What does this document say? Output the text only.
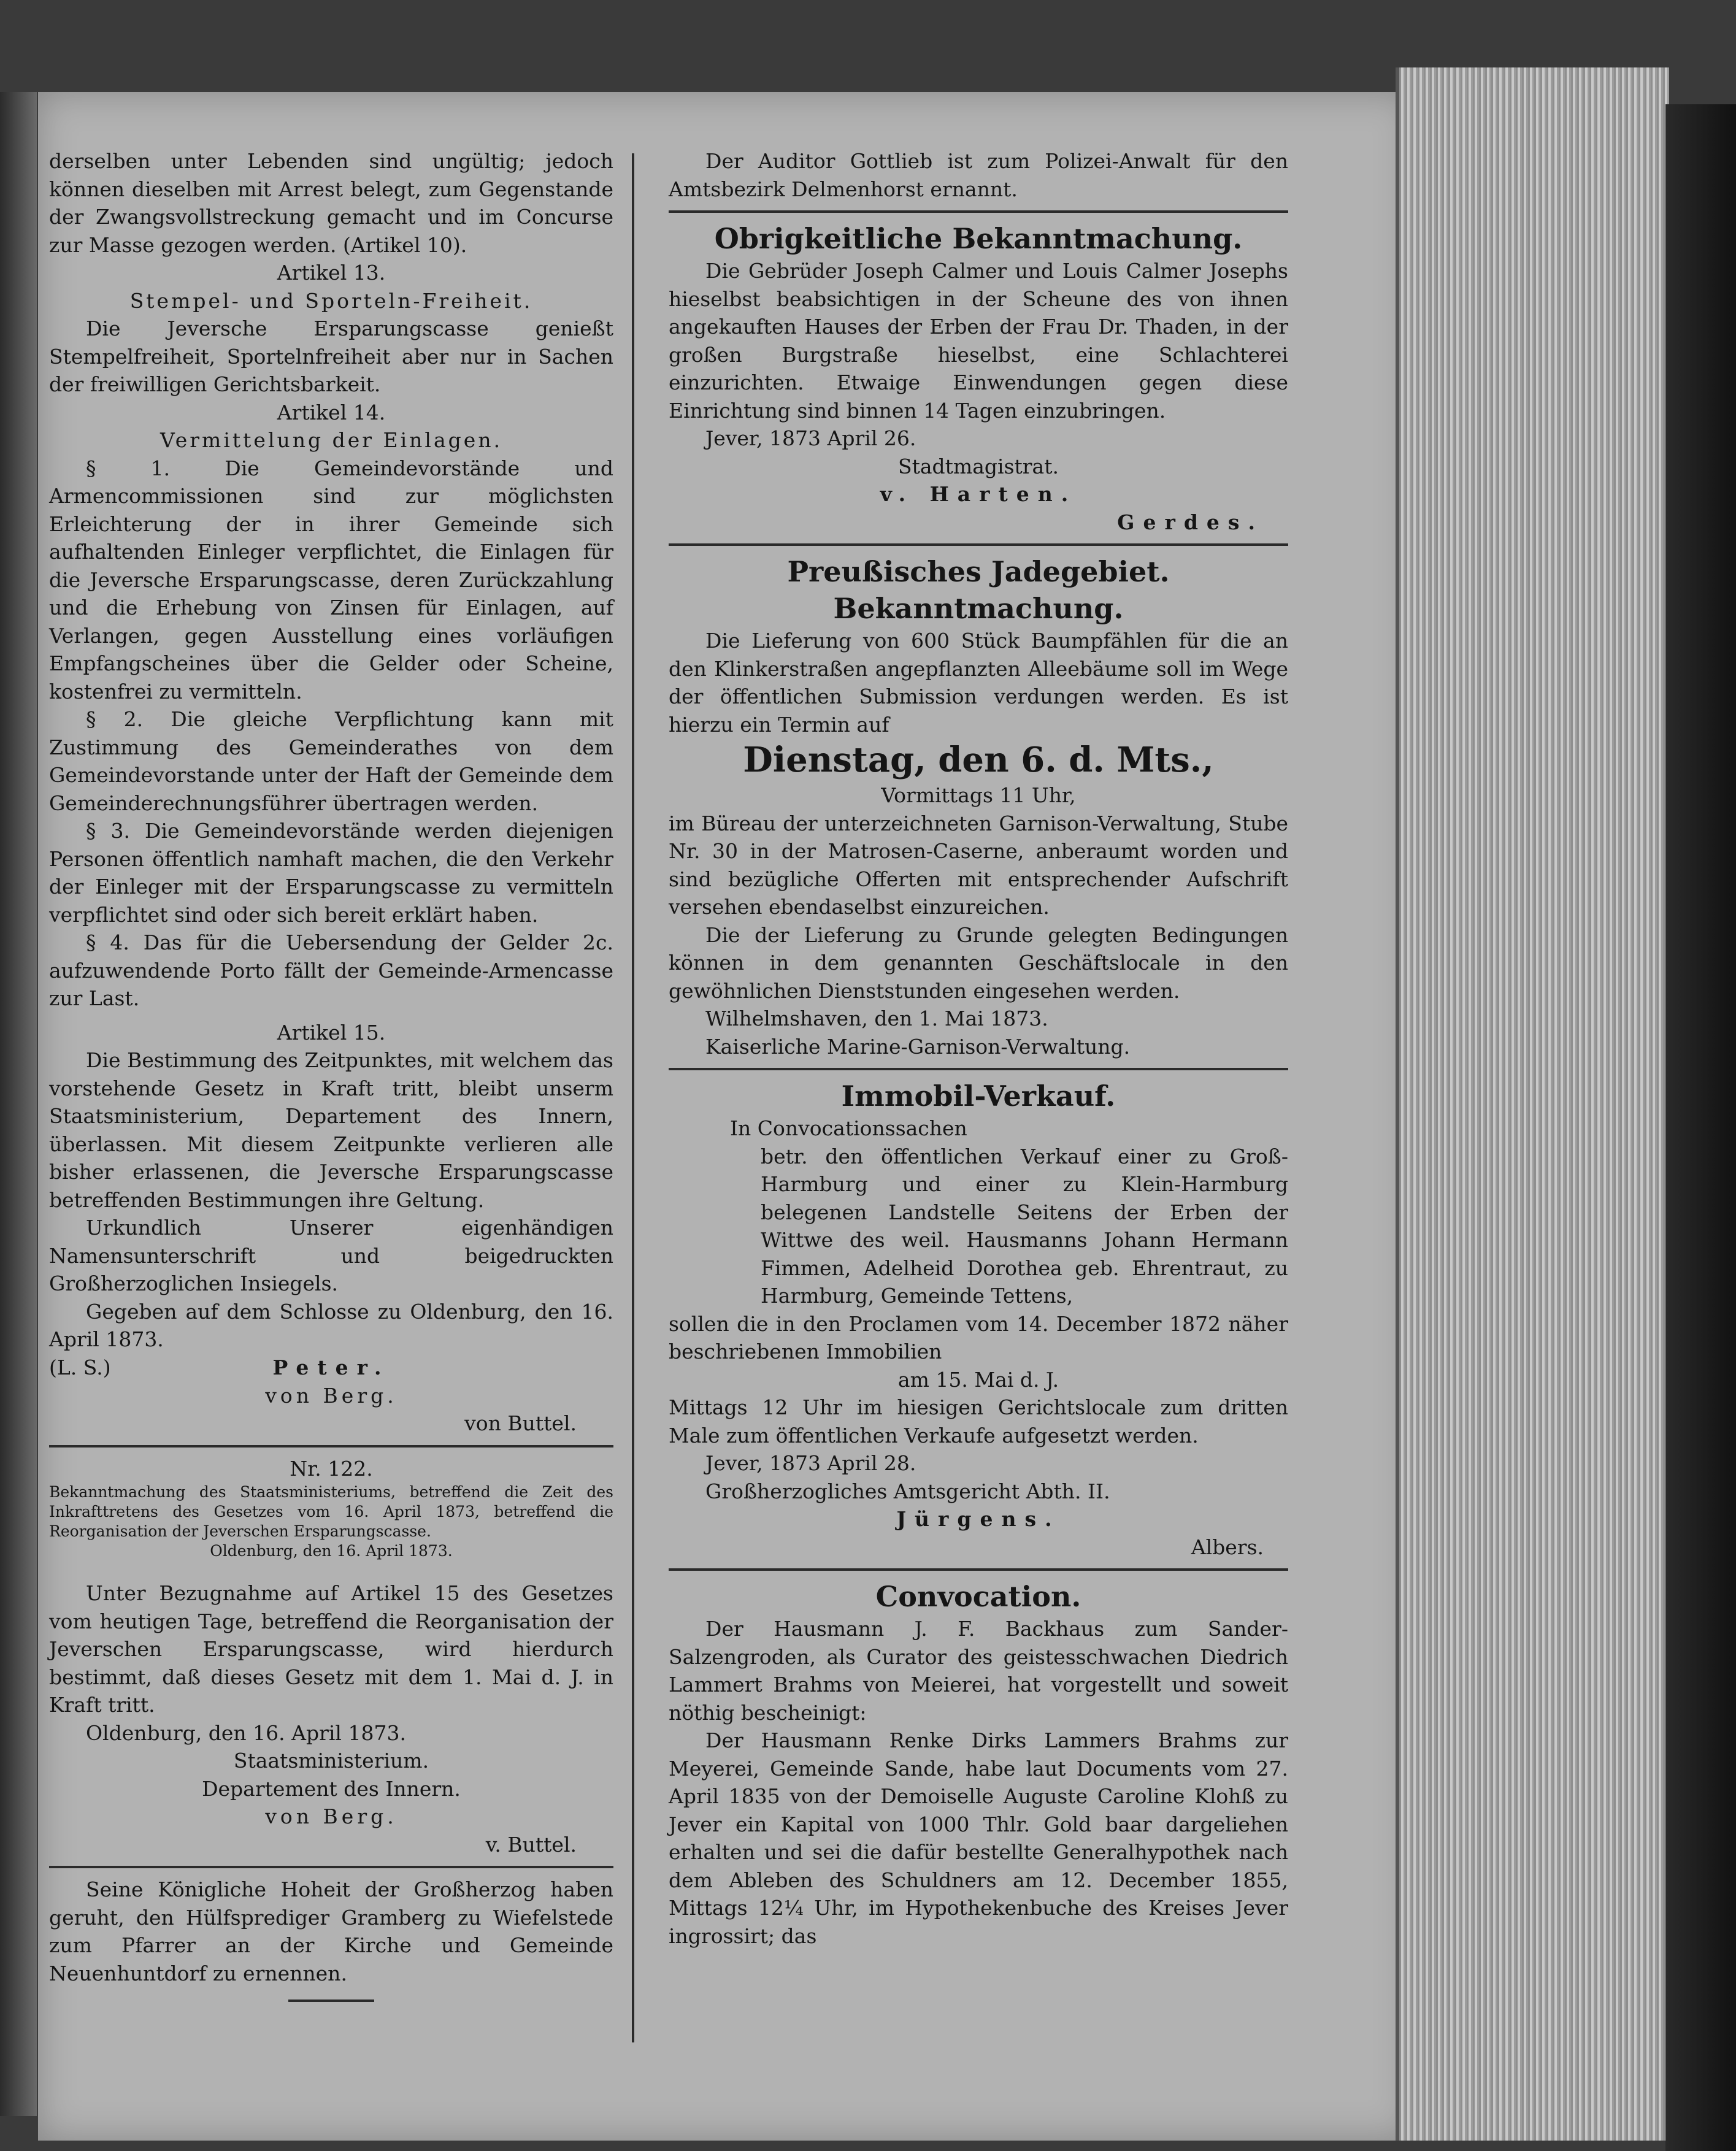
derselben unter Lebenden sind ungültig; jedoch können dieselben mit Arrest belegt, zum Gegenstande der Zwangsvollstreckung gemacht und im Concurse zur Masse gezogen werden. (Artikel 10).

Artikel 13.

Stempel- und Sporteln-Freiheit.

Die Jeversche Ersparungscasse genießt Stempelfreiheit, Sportelnfreiheit aber nur in Sachen der freiwilligen Gerichtsbarkeit.

Artikel 14.

Vermittelung der Einlagen.

§ 1. Die Gemeindevorstände und Armencommissionen sind zur möglichsten Erleichterung der in ihrer Gemeinde sich aufhaltenden Einleger verpflichtet, die Einlagen für die Jeversche Ersparungscasse, deren Zurückzahlung und die Erhebung von Zinsen für Einlagen, auf Verlangen, gegen Ausstellung eines vorläufigen Empfangscheines über die Gelder oder Scheine, kostenfrei zu vermitteln.

§ 2. Die gleiche Verpflichtung kann mit Zustimmung des Gemeinderathes von dem Gemeindevorstande unter der Haft der Gemeinde dem Gemeinderechnungsführer übertragen werden.

§ 3. Die Gemeindevorstände werden diejenigen Personen öffentlich namhaft machen, die den Verkehr der Einleger mit der Ersparungscasse zu vermitteln verpflichtet sind oder sich bereit erklärt haben.

§ 4. Das für die Uebersendung der Gelder 2c. aufzuwendende Porto fällt der Gemeinde-Armencasse zur Last.

Artikel 15.

Die Bestimmung des Zeitpunktes, mit welchem das vorstehende Gesetz in Kraft tritt, bleibt unserm Staatsministerium, Departement des Innern, überlassen. Mit diesem Zeitpunkte verlieren alle bisher erlassenen, die Jeversche Ersparungscasse betreffenden Bestimmungen ihre Geltung.

Urkundlich Unserer eigenhändigen Namensunterschrift und beigedruckten Großherzoglichen Insiegels.

Gegeben auf dem Schlosse zu Oldenburg, den 16. April 1873.

(L. S.)	Peter.

von Berg.

von Buttel.

Nr. 122.

Bekanntmachung des Staatsministeriums, betreffend die Zeit des Inkrafttretens des Gesetzes vom 16. April 1873, betreffend die Reorganisation der Jeverschen Ersparungscasse.

Oldenburg, den 16. April 1873.

Unter Bezugnahme auf Artikel 15 des Gesetzes vom heutigen Tage, betreffend die Reorganisation der Jeverschen Ersparungscasse, wird hierdurch bestimmt, daß dieses Gesetz mit dem 1. Mai d. J. in Kraft tritt.

Oldenburg, den 16. April 1873.

Staatsministerium.

Departement des Innern.

von Berg.

v. Buttel.

Seine Königliche Hoheit der Großherzog haben geruht, den Hülfsprediger Gramberg zu Wiefelstede zum Pfarrer an der Kirche und Gemeinde Neuenhuntdorf zu ernennen.

Der Auditor Gottlieb ist zum Polizei-Anwalt für den Amtsbezirk Delmenhorst ernannt.

Obrigkeitliche Bekanntmachung.

Die Gebrüder Joseph Calmer und Louis Calmer Josephs hieselbst beabsichtigen in der Scheune des von ihnen angekauften Hauses der Erben der Frau Dr. Thaden, in der großen Burgstraße hieselbst, eine Schlachterei einzurichten. Etwaige Einwendungen gegen diese Einrichtung sind binnen 14 Tagen einzubringen.

Jever, 1873 April 26.

Stadtmagistrat.

v. Harten.

Gerdes.

Preußisches Jadegebiet.

Bekanntmachung.

Die Lieferung von 600 Stück Baumpfählen für die an den Klinkerstraßen angepflanzten Alleebäume soll im Wege der öffentlichen Submission verdungen werden. Es ist hierzu ein Termin auf

Dienstag, den 6. d. Mts.,

Vormittags 11 Uhr,

im Büreau der unterzeichneten Garnison-Verwaltung, Stube Nr. 30 in der Matrosen-Caserne, anberaumt worden und sind bezügliche Offerten mit entsprechender Aufschrift versehen ebendaselbst einzureichen.

Die der Lieferung zu Grunde gelegten Bedingungen können in dem genannten Geschäftslocale in den gewöhnlichen Dienststunden eingesehen werden.

Wilhelmshaven, den 1. Mai 1873.

Kaiserliche Marine-Garnison-Verwaltung.

Immobil-Verkauf.

In Convocationssachen

betr. den öffentlichen Verkauf einer zu Groß-Harmburg und einer zu Klein-Harmburg belegenen Landstelle Seitens der Erben der Wittwe des weil. Hausmanns Johann Hermann Fimmen, Adelheid Dorothea geb. Ehrentraut, zu Harmburg, Gemeinde Tettens,

sollen die in den Proclamen vom 14. December 1872 näher beschriebenen Immobilien

am 15. Mai d. J.

Mittags 12 Uhr im hiesigen Gerichtslocale zum dritten Male zum öffentlichen Verkaufe aufgesetzt werden.

Jever, 1873 April 28.

Großherzogliches Amtsgericht Abth. II.

Jürgens.

Albers.

Convocation.

Der Hausmann J. F. Backhaus zum Sander-Salzengroden, als Curator des geistesschwachen Diedrich Lammert Brahms von Meierei, hat vorgestellt und soweit nöthig bescheinigt:

Der Hausmann Renke Dirks Lammers Brahms zur Meyerei, Gemeinde Sande, habe laut Documents vom 27. April 1835 von der Demoiselle Auguste Caroline Klohß zu Jever ein Kapital von 1000 Thlr. Gold baar dargeliehen erhalten und sei die dafür bestellte Generalhypothek nach dem Ableben des Schuldners am 12. December 1855, Mittags 12¼ Uhr, im Hypothekenbuche des Kreises Jever ingrossirt; das
